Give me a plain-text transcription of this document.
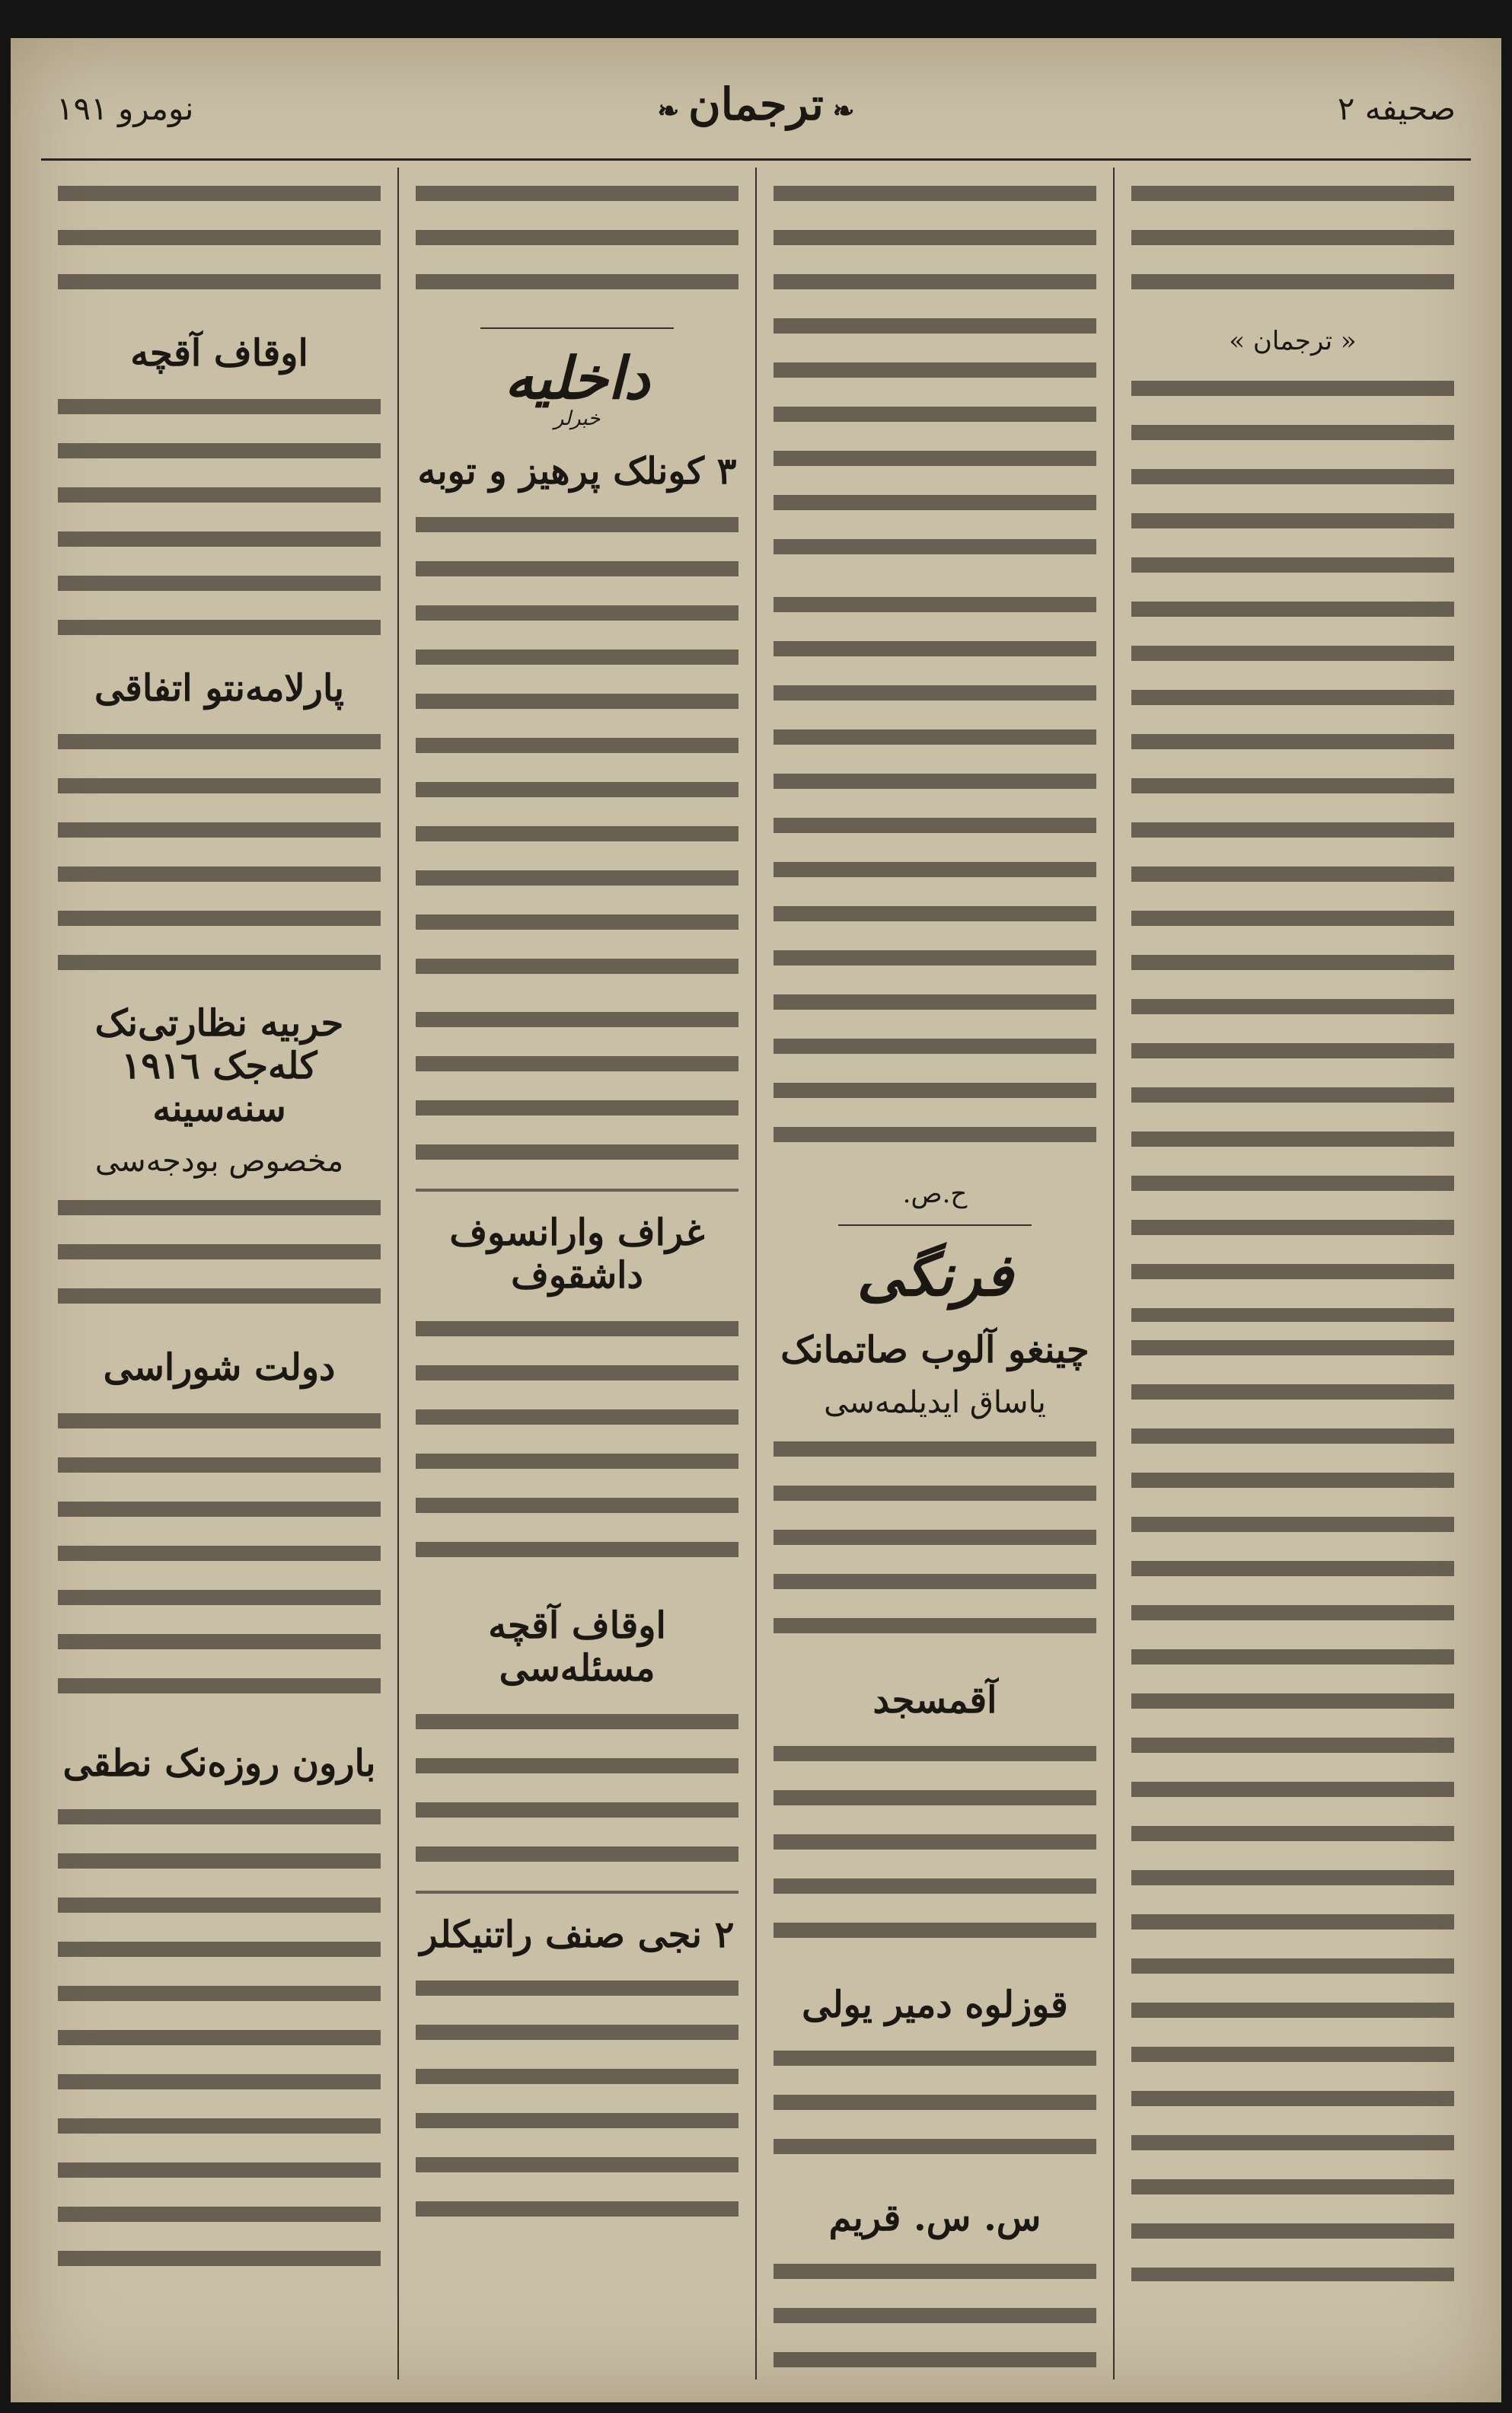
صحيفه ٢
❧ ترجمان ❧
نومرو ١٩١
« ترجمان »
ح.ص.
فرنگی
چینغو آلوب صاتمانک
یاساق ایدیلمه‌سی
آقمسجد
قوزلوه دمیر یولی
س. س. قریم
داخلیه
خبرلر
٣ کونلک پرهیز و توبه
غراف وارانسوف داشقوف
اوقاف آقچه مسئله‌سی
٢ نجی صنف راتنیکلر
اوقاف آقچه
پارلامه‌نتو اتفاقی
حربیه نظارتی‌نک کله‌جک ١٩١٦ سنه‌سینه
مخصوص بودجه‌سی
دولت شوراسی
بارون روزه‌نک نطقی
